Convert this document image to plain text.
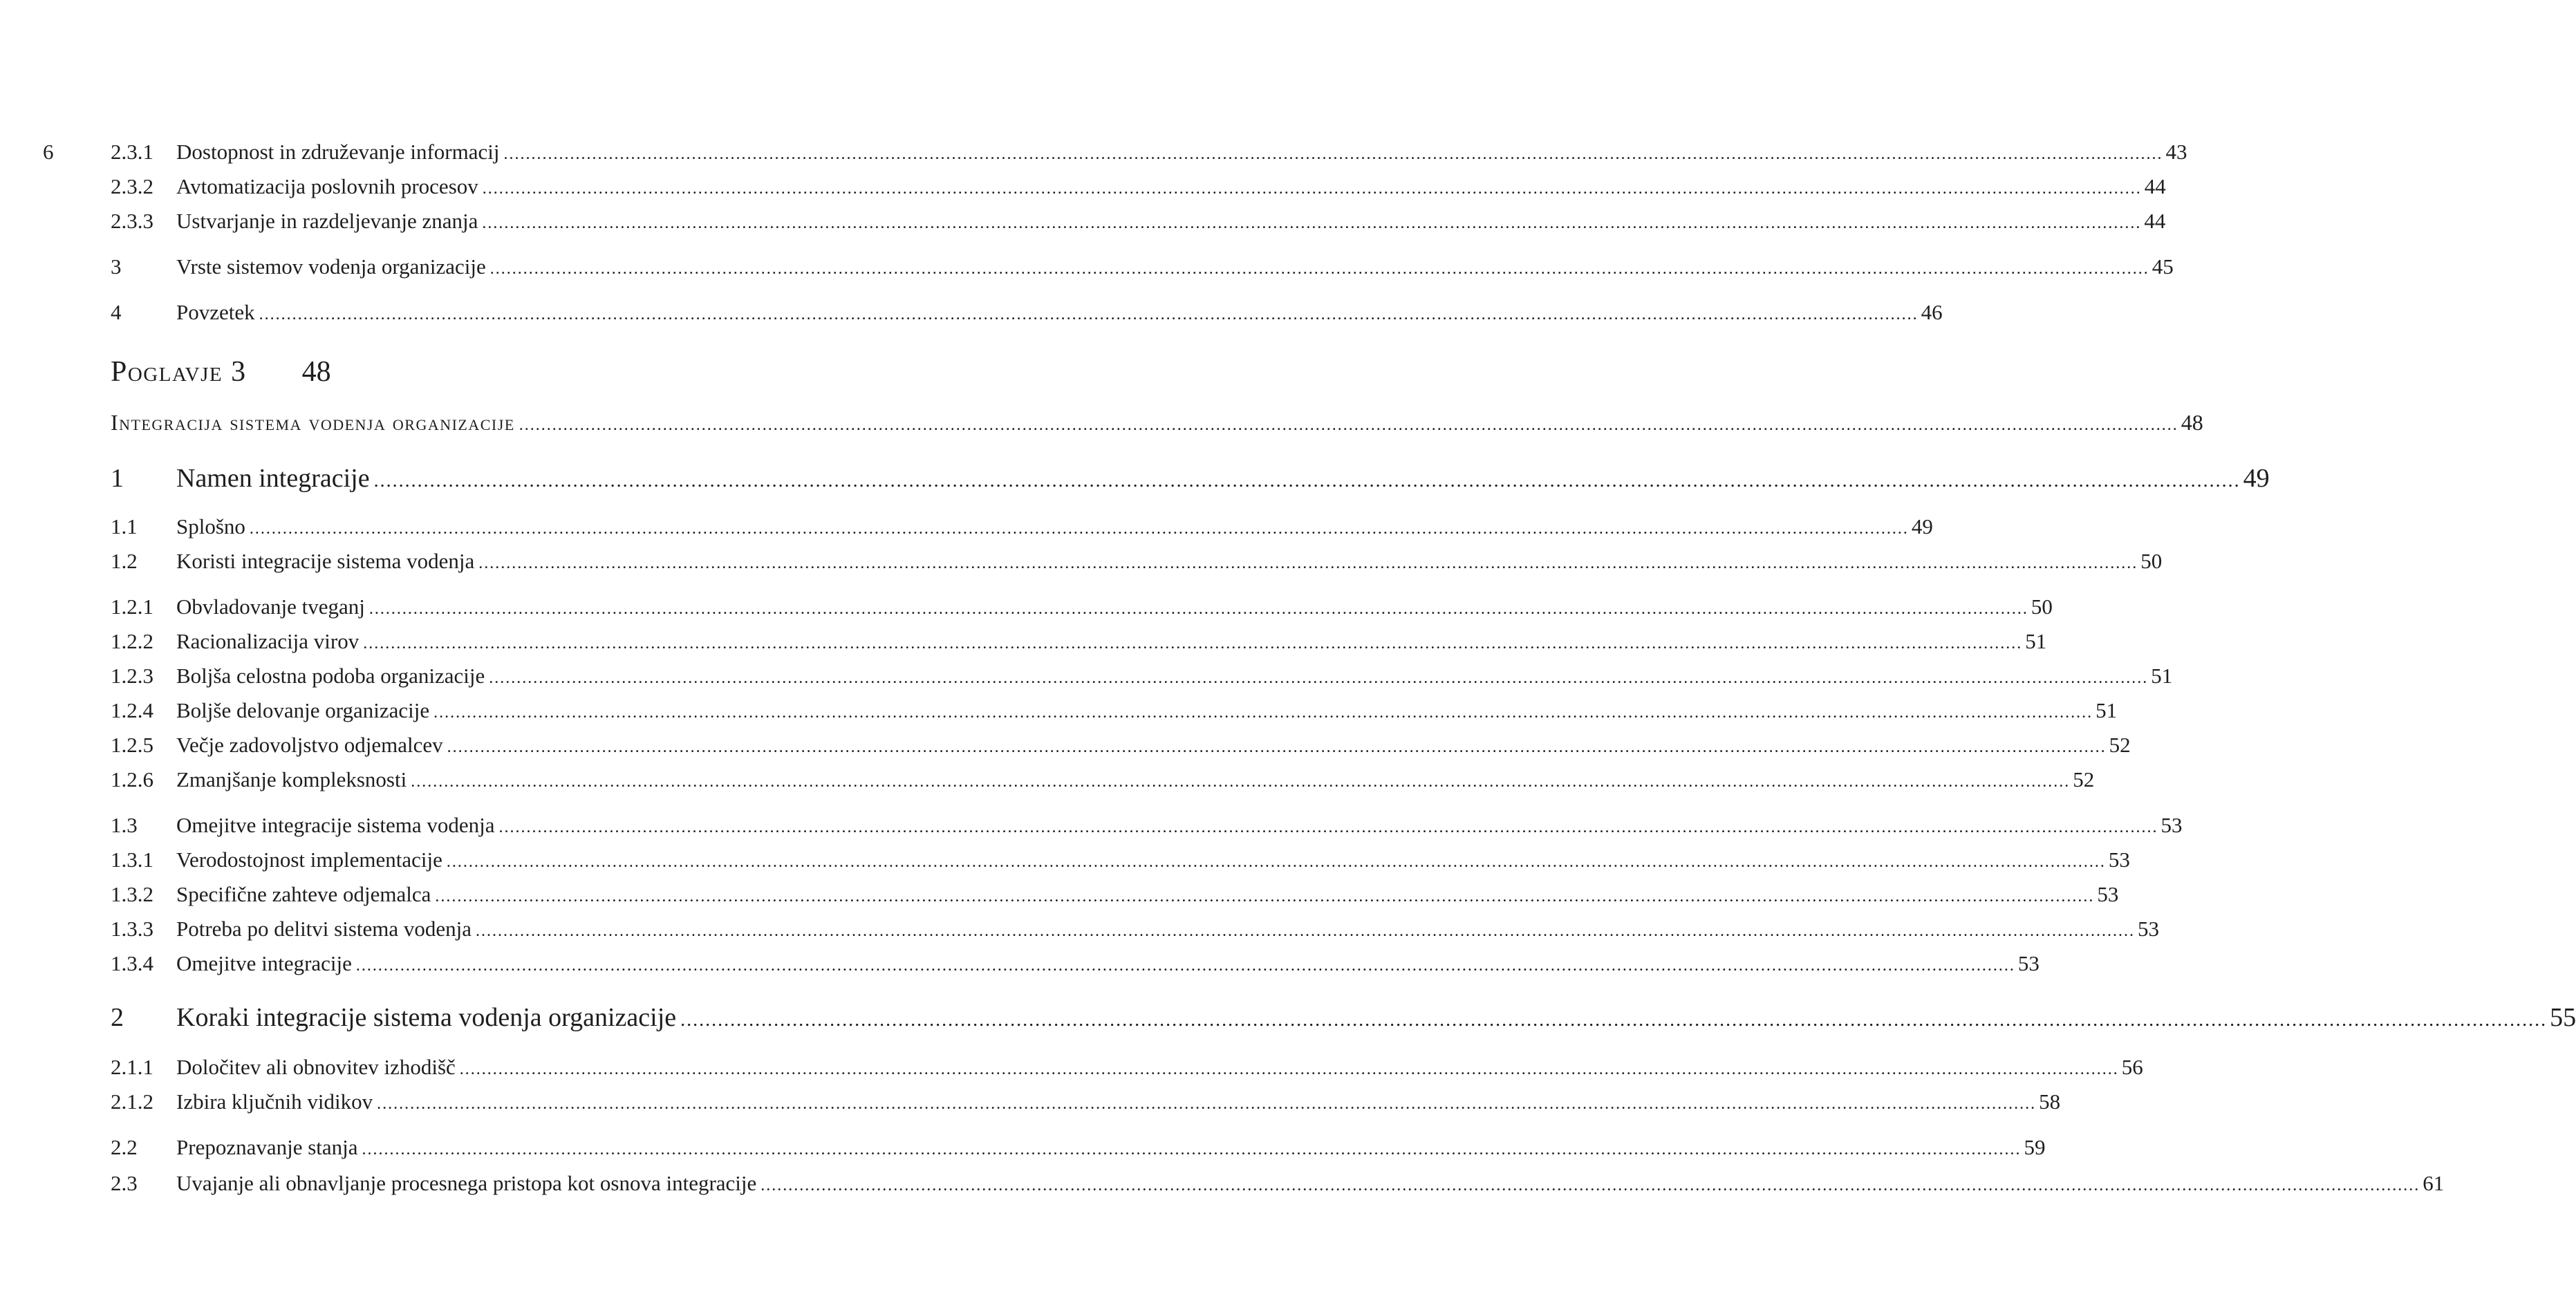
6	2.3.1	Dostopnost in združevanje informacij ............................................................................................................................................................................................................................................................................................................ 43
2.3.2	Avtomatizacija poslovnih procesov ............................................................................................................................................................................................................................................................................................................ 44
2.3.3	Ustvarjanje in razdeljevanje znanja ............................................................................................................................................................................................................................................................................................................ 44
3	Vrste sistemov vodenja organizacije ............................................................................................................................................................................................................................................................................................................ 45
4	Povzetek ............................................................................................................................................................................................................................................................................................................ 46
Poglavje 3 48
Integracija sistema vodenja organizacije ............................................................................................................................................................................................................................................................................................................ 48
1	Namen integracije ............................................................................................................................................................................................................................................................................................................ 49
1.1	Splošno ............................................................................................................................................................................................................................................................................................................ 49
1.2	Koristi integracije sistema vodenja ............................................................................................................................................................................................................................................................................................................ 50
1.2.1	Obvladovanje tveganj ............................................................................................................................................................................................................................................................................................................ 50
1.2.2	Racionalizacija virov ............................................................................................................................................................................................................................................................................................................ 51
1.2.3	Boljša celostna podoba organizacije ............................................................................................................................................................................................................................................................................................................ 51
1.2.4	Boljše delovanje organizacije ............................................................................................................................................................................................................................................................................................................ 51
1.2.5	Večje zadovoljstvo odjemalcev ............................................................................................................................................................................................................................................................................................................ 52
1.2.6	Zmanjšanje kompleksnosti ............................................................................................................................................................................................................................................................................................................ 52
1.3	Omejitve integracije sistema vodenja ............................................................................................................................................................................................................................................................................................................ 53
1.3.1	Verodostojnost implementacije ............................................................................................................................................................................................................................................................................................................ 53
1.3.2	Specifične zahteve odjemalca ............................................................................................................................................................................................................................................................................................................ 53
1.3.3	Potreba po delitvi sistema vodenja ............................................................................................................................................................................................................................................................................................................ 53
1.3.4	Omejitve integracije ............................................................................................................................................................................................................................................................................................................ 53
2	Koraki integracije sistema vodenja organizacije ............................................................................................................................................................................................................................................................................................................ 55
2.1.1	Določitev ali obnovitev izhodišč ............................................................................................................................................................................................................................................................................................................ 56
2.1.2	Izbira ključnih vidikov ............................................................................................................................................................................................................................................................................................................ 58
2.2	Prepoznavanje stanja ............................................................................................................................................................................................................................................................................................................ 59
2.3	Uvajanje ali obnavljanje procesnega pristopa kot osnova integracije ............................................................................................................................................................................................................................................................................................................ 61
